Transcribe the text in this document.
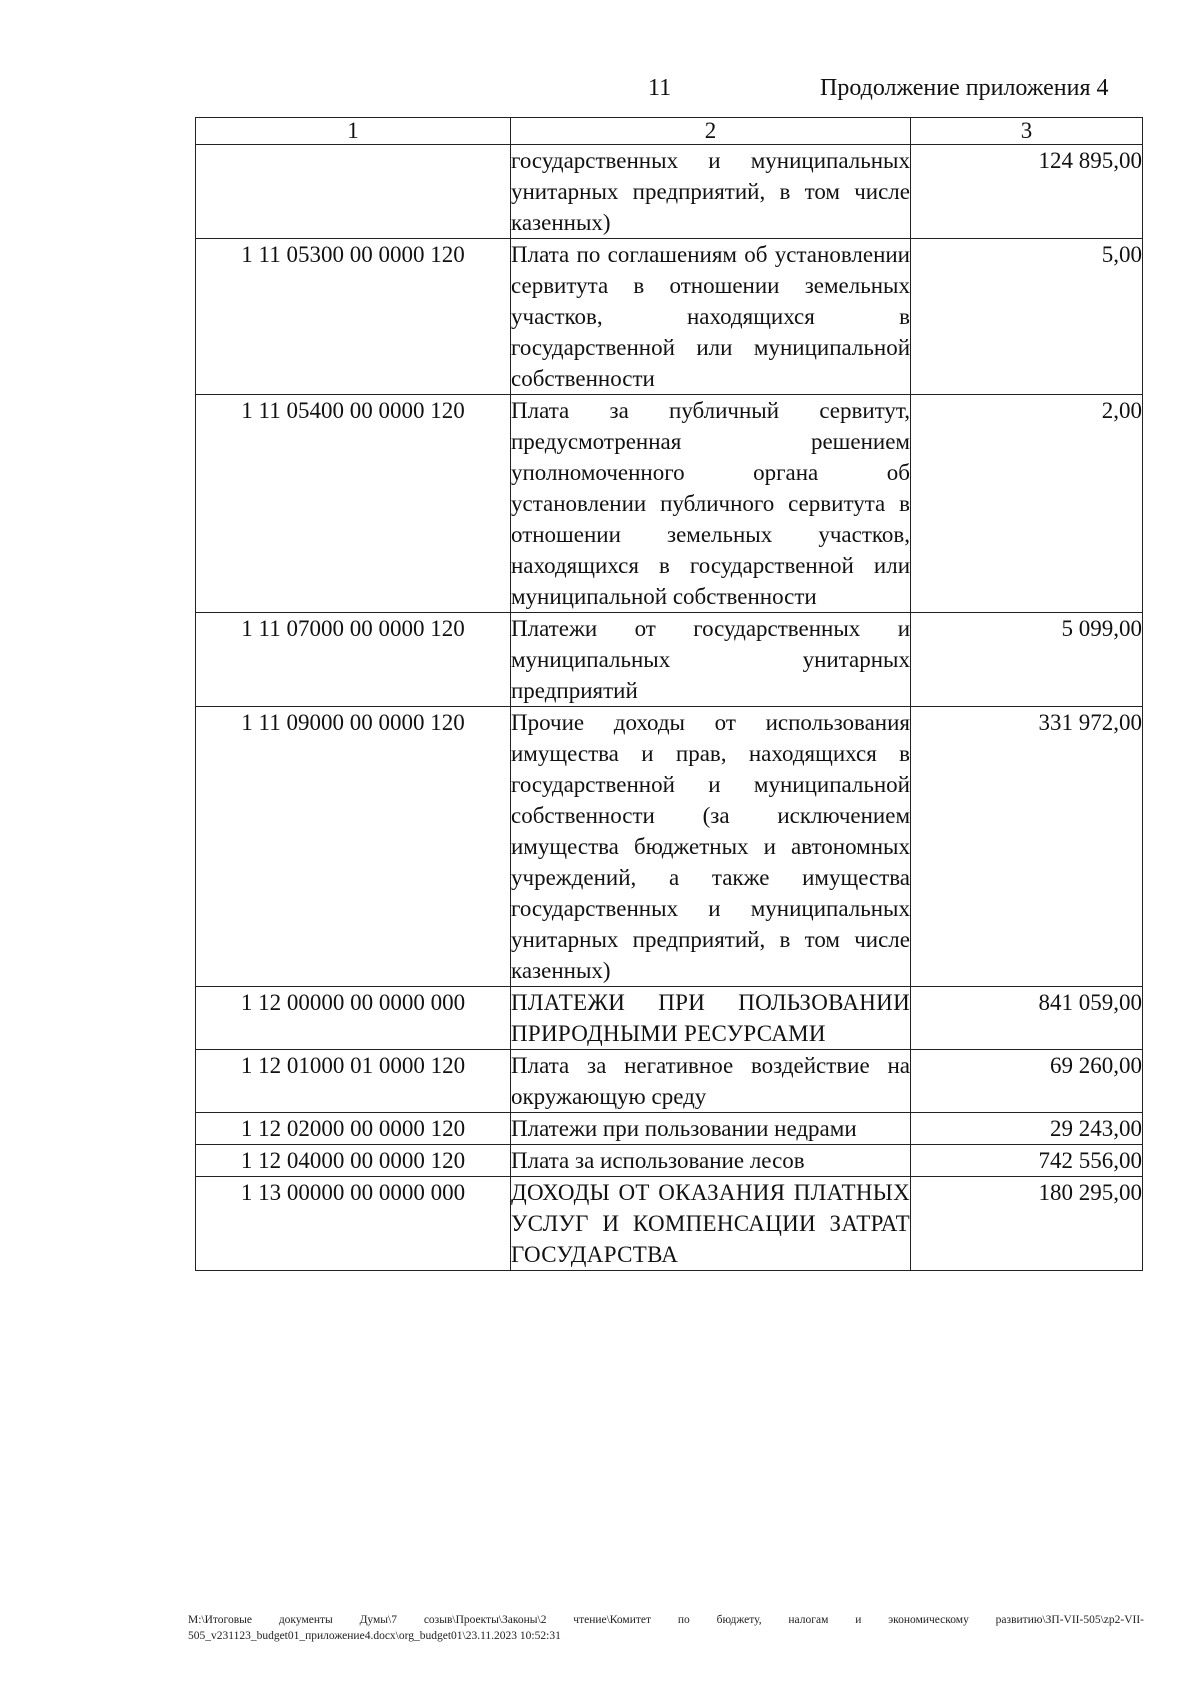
11	Продолжение приложения 4
1	2	3
	государственных и муниципальных унитарных предприятий, в том числе казенных)	124 895,00
1 11 05300 00 0000 120	Плата по соглашениям об установлении сервитута в отношении земельных участков, находящихся в государственной или муниципальной собственности	5,00
1 11 05400 00 0000 120	Плата за публичный сервитут, предусмотренная решением уполномоченного органа об установлении публичного сервитута в отношении земельных участков, находящихся в государственной или муниципальной собственности	2,00
1 11 07000 00 0000 120	Платежи от государственных и муниципальных унитарных предприятий	5 099,00
1 11 09000 00 0000 120	Прочие доходы от использования имущества и прав, находящихся в государственной и муниципальной собственности (за исключением имущества бюджетных и автономных учреждений, а также имущества государственных и муниципальных унитарных предприятий, в том числе казенных)	331 972,00
1 12 00000 00 0000 000	ПЛАТЕЖИ ПРИ ПОЛЬЗОВАНИИ ПРИРОДНЫМИ РЕСУРСАМИ	841 059,00
1 12 01000 01 0000 120	Плата за негативное воздействие на окружающую среду	69 260,00
1 12 02000 00 0000 120	Платежи при пользовании недрами	29 243,00
1 12 04000 00 0000 120	Плата за использование лесов	742 556,00
1 13 00000 00 0000 000	ДОХОДЫ ОТ ОКАЗАНИЯ ПЛАТНЫХ УСЛУГ И КОМПЕНСАЦИИ ЗАТРАТ ГОСУДАРСТВА	180 295,00
M:\Итоговые документы Думы\7 созыв\Проекты\Законы\2 чтение\Комитет по бюджету, налогам и экономическому развитию\ЗП-VII-505\zp2-VII-505_v231123_budget01_приложение4.docx\org_budget01\23.11.2023 10:52:31
